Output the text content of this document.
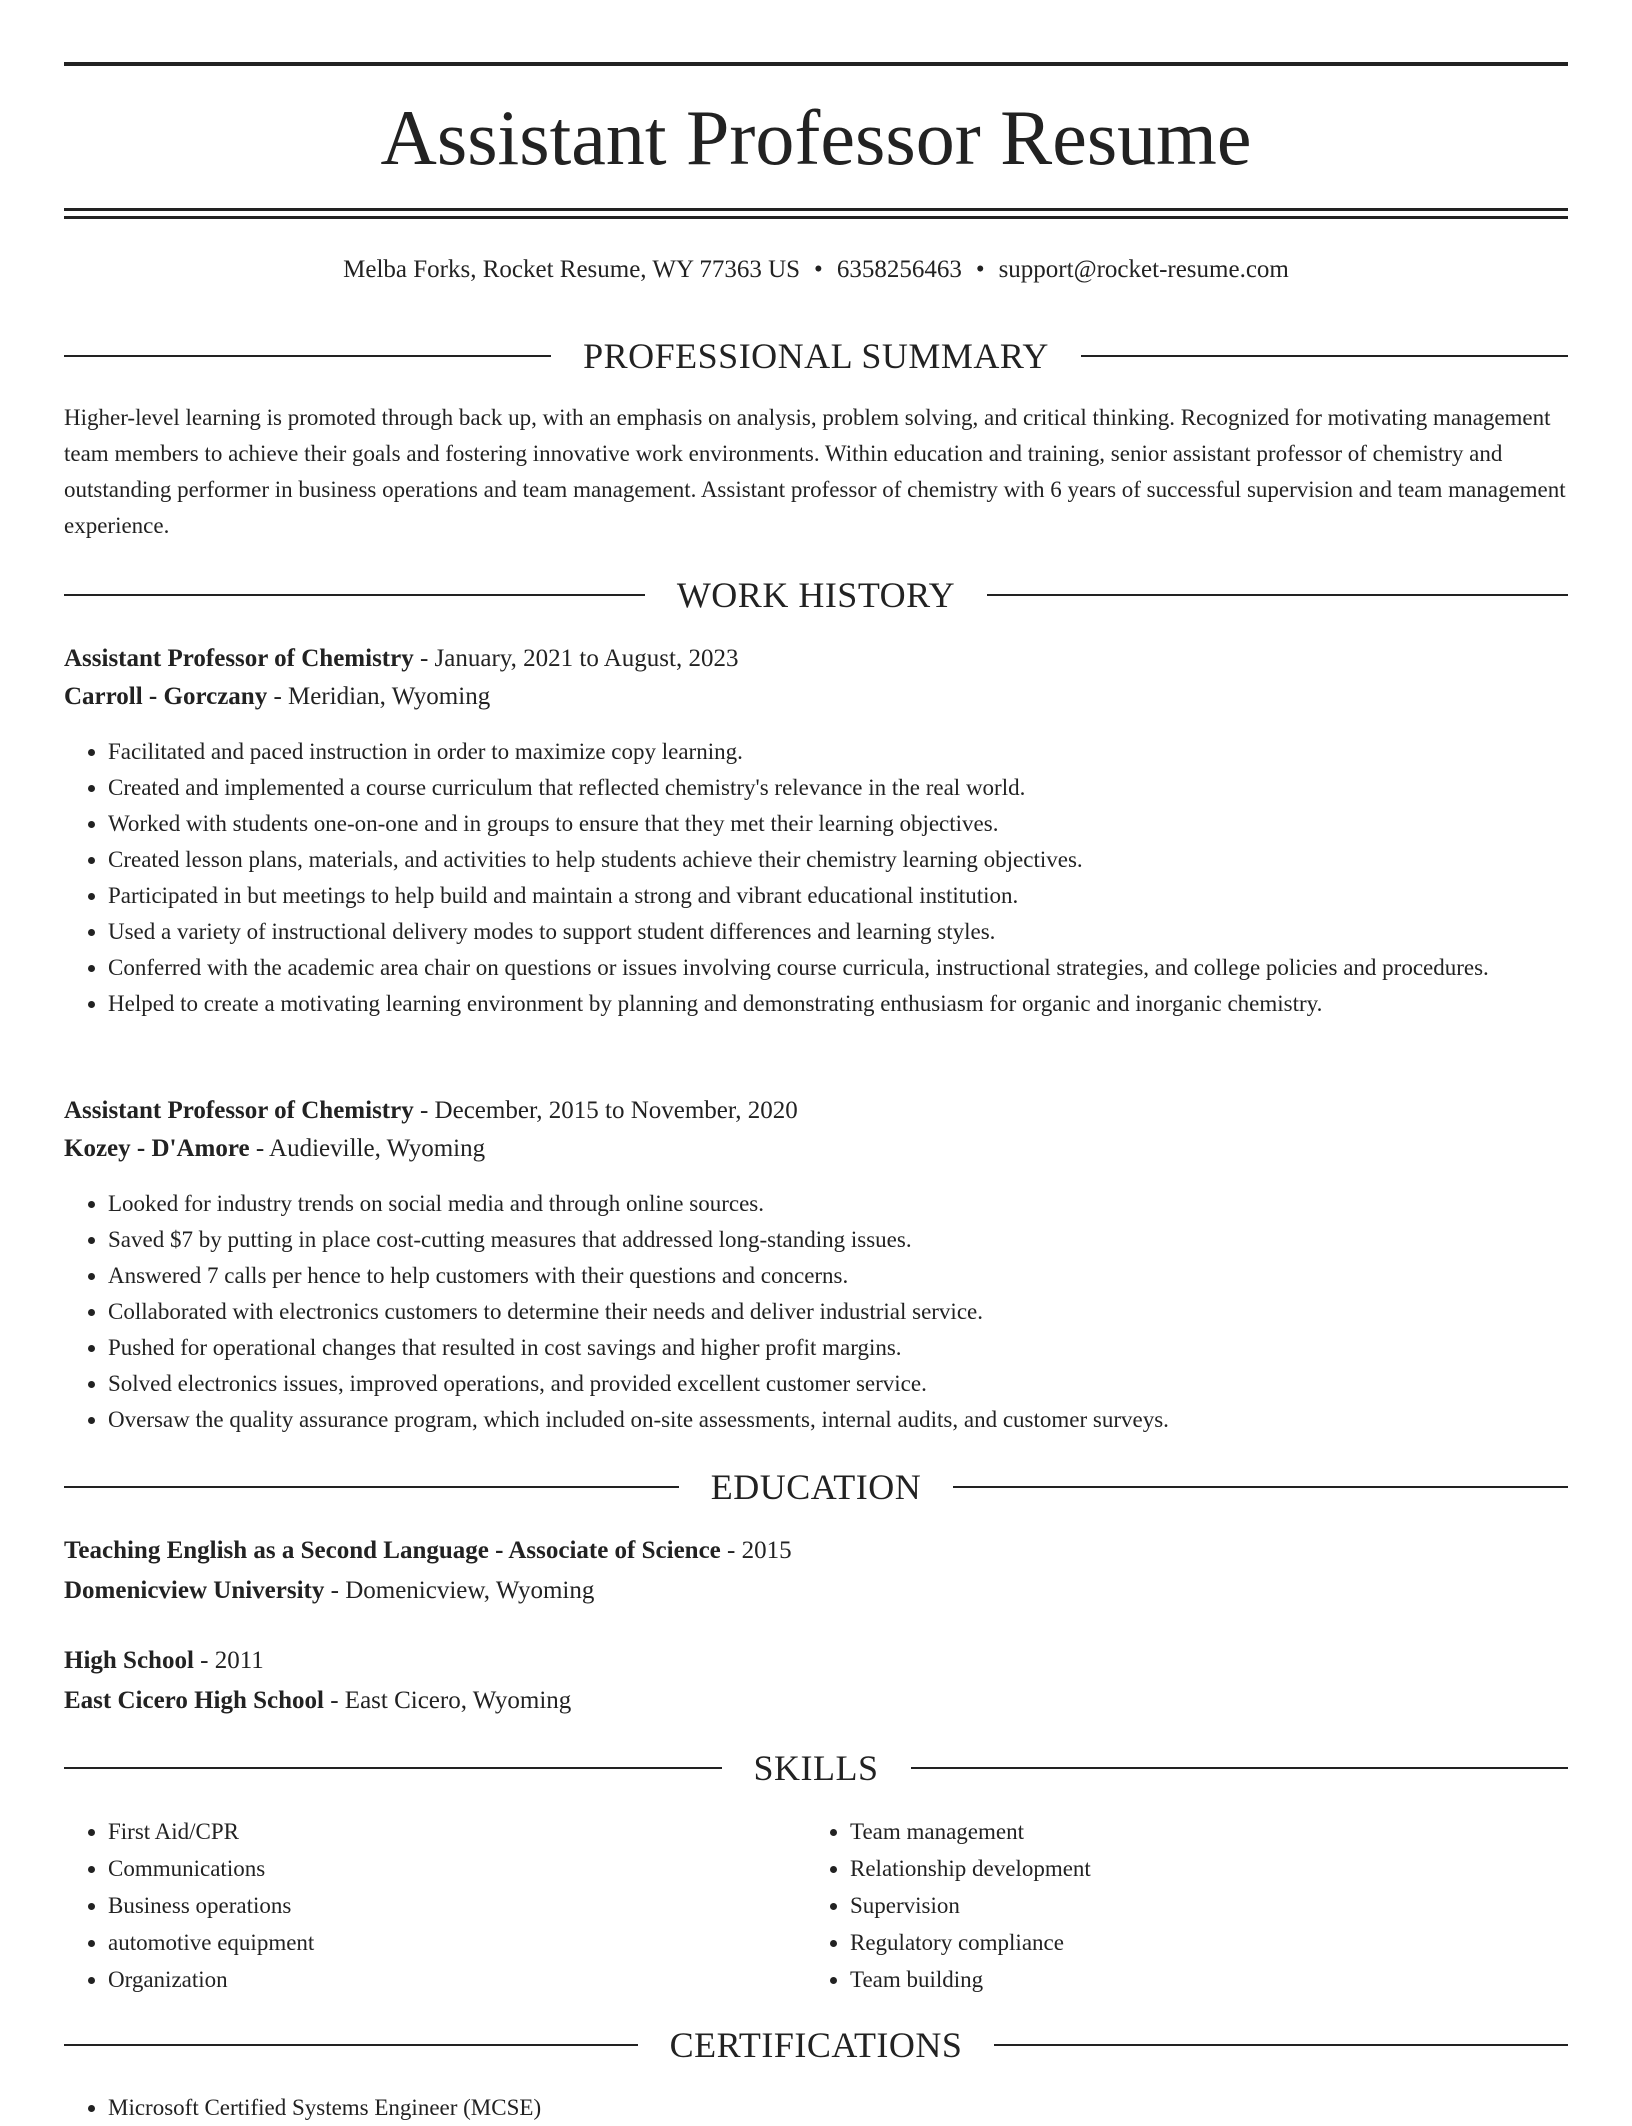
Assistant Professor Resume
Melba Forks, Rocket Resume, WY 77363 US • 6358256463 • support@rocket-resume.com
PROFESSIONAL SUMMARY

Higher-level learning is promoted through back up, with an emphasis on analysis, problem solving, and critical thinking. Recognized for motivating management team members to achieve their goals and fostering innovative work environments. Within education and training, senior assistant professor of chemistry and outstanding performer in business operations and team management. Assistant professor of chemistry with 6 years of successful supervision and team management experience.

WORK HISTORY

Assistant Professor of Chemistry - January, 2021 to August, 2023

Carroll - Gorczany - Meridian, Wyoming

• Facilitated and paced instruction in order to maximize copy learning.
• Created and implemented a course curriculum that reflected chemistry's relevance in the real world.
• Worked with students one-on-one and in groups to ensure that they met their learning objectives.
• Created lesson plans, materials, and activities to help students achieve their chemistry learning objectives.
• Participated in but meetings to help build and maintain a strong and vibrant educational institution.
• Used a variety of instructional delivery modes to support student differences and learning styles.
• Conferred with the academic area chair on questions or issues involving course curricula, instructional strategies, and college policies and procedures.
• Helped to create a motivating learning environment by planning and demonstrating enthusiasm for organic and inorganic chemistry.

Assistant Professor of Chemistry - December, 2015 to November, 2020

Kozey - D'Amore - Audieville, Wyoming

• Looked for industry trends on social media and through online sources.
• Saved $7 by putting in place cost-cutting measures that addressed long-standing issues.
• Answered 7 calls per hence to help customers with their questions and concerns.
• Collaborated with electronics customers to determine their needs and deliver industrial service.
• Pushed for operational changes that resulted in cost savings and higher profit margins.
• Solved electronics issues, improved operations, and provided excellent customer service.
• Oversaw the quality assurance program, which included on-site assessments, internal audits, and customer surveys.
EDUCATION

Teaching English as a Second Language - Associate of Science - 2015

Domenicview University - Domenicview, Wyoming

High School - 2011

East Cicero High School - East Cicero, Wyoming

SKILLS
• First Aid/CPR
• Communications
• Business operations
• automotive equipment
• Organization
• Team management
• Relationship development
• Supervision
• Regulatory compliance
• Team building
CERTIFICATIONS
• Microsoft Certified Systems Engineer (MCSE)
